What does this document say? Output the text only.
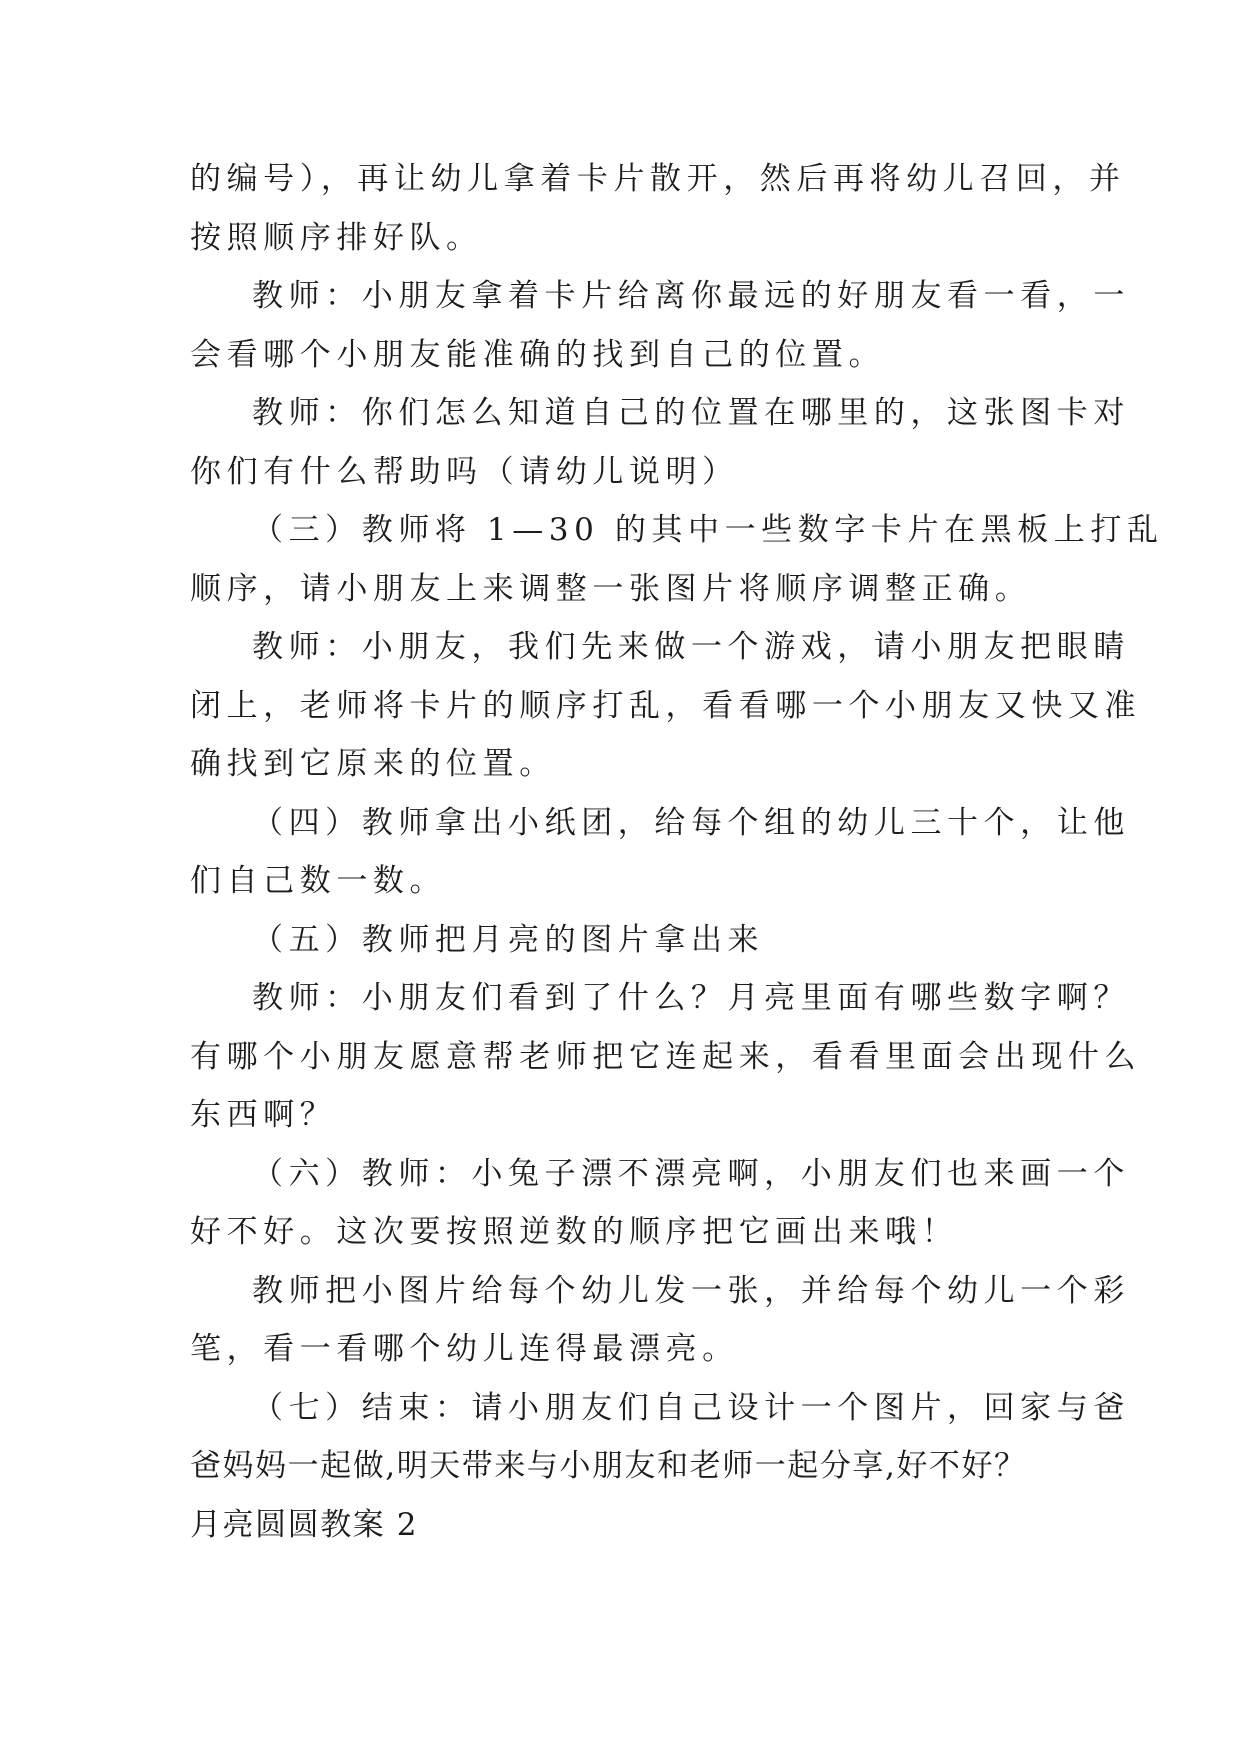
的编号），再让幼儿拿着卡片散开，然后再将幼儿召回，并
按照顺序排好队。
教师：小朋友拿着卡片给离你最远的好朋友看一看，一
会看哪个小朋友能准确的找到自己的位置。
教师：你们怎么知道自己的位置在哪里的，这张图卡对
你们有什么帮助吗（请幼儿说明）
（三）教师将 1—30 的其中一些数字卡片在黑板上打乱
顺序，请小朋友上来调整一张图片将顺序调整正确。
教师：小朋友，我们先来做一个游戏，请小朋友把眼睛
闭上，老师将卡片的顺序打乱，看看哪一个小朋友又快又准
确找到它原来的位置。
（四）教师拿出小纸团，给每个组的幼儿三十个，让他
们自己数一数。
（五）教师把月亮的图片拿出来
教师：小朋友们看到了什么？月亮里面有哪些数字啊？
有哪个小朋友愿意帮老师把它连起来，看看里面会出现什么
东西啊？
（六）教师：小兔子漂不漂亮啊，小朋友们也来画一个
好不好。这次要按照逆数的顺序把它画出来哦！
教师把小图片给每个幼儿发一张，并给每个幼儿一个彩
笔，看一看哪个幼儿连得最漂亮。
（七）结束：请小朋友们自己设计一个图片，回家与爸
爸妈妈一起做,明天带来与小朋友和老师一起分享,好不好？
月亮圆圆教案 2
